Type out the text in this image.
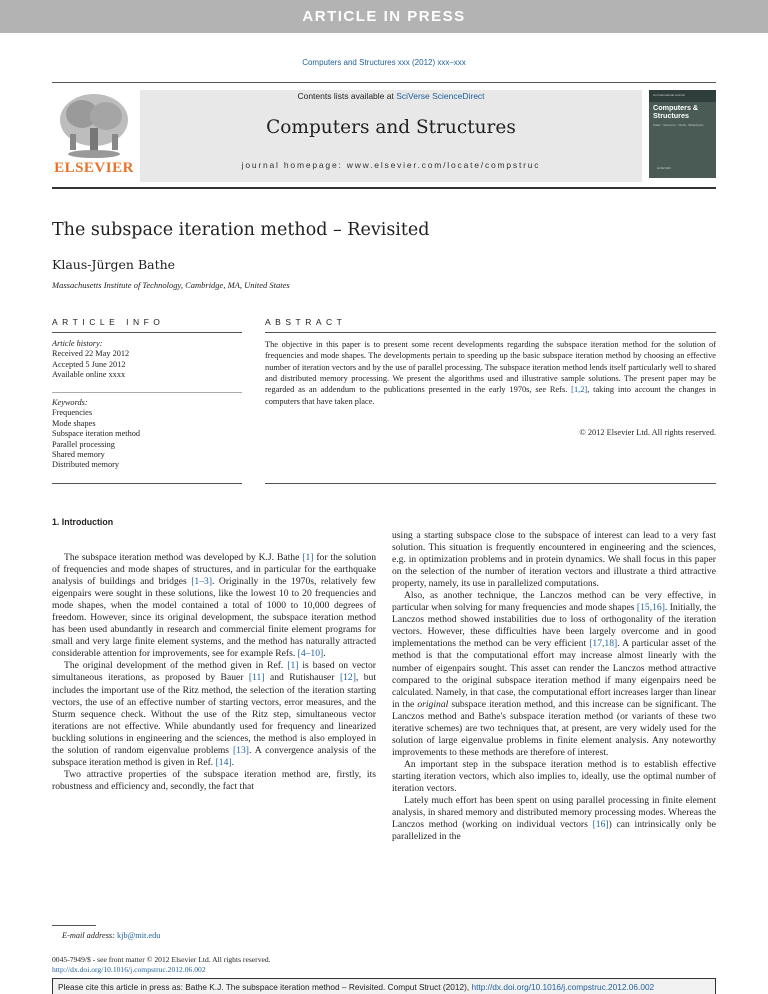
ARTICLE IN PRESS
Computers and Structures xxx (2012) xxx–xxx
ELSEVIER
Contents lists available at SciVerse ScienceDirect
Computers and Structures
journal homepage: www.elsevier.com/locate/compstruc
An International Journal
Computers & Structures
Solids · Structures · Fluids · Multiphysics
ELSEVIER
The subspace iteration method – Revisited
Klaus-Jürgen Bathe
Massachusetts Institute of Technology, Cambridge, MA, United States
ARTICLE INFO	ABSTRACT
Article history:
Received 22 May 2012
Accepted 5 June 2012
Available online xxxx
Keywords:
Frequencies
Mode shapes
Subspace iteration method
Parallel processing
Shared memory
Distributed memory
The objective in this paper is to present some recent developments regarding the subspace iteration method for the solution of frequencies and mode shapes. The developments pertain to speeding up the basic subspace iteration method by choosing an effective number of iteration vectors and by the use of parallel processing. The subspace iteration method lends itself particularly well to shared and distributed memory processing. We present the algorithms used and illustrative sample solutions. The present paper may be regarded as an addendum to the publications presented in the early 1970s, see Refs. [1,2], taking into account the changes in computers that have taken place.
© 2012 Elsevier Ltd. All rights reserved.
1. Introduction

The subspace iteration method was developed by K.J. Bathe [1] for the solution of frequencies and mode shapes of structures, and in particular for the earthquake analysis of buildings and bridges [1–3]. Originally in the 1970s, relatively few eigenpairs were sought in these solutions, like the lowest 10 to 20 frequencies and mode shapes, when the model contained a total of 1000 to 10,000 degrees of freedom. However, since its original development, the subspace iteration method has been used abundantly in research and commercial finite element programs for small and very large finite element systems, and the method has naturally attracted considerable attention for improvements, see for example Refs. [4–10].

The original development of the method given in Ref. [1] is based on vector simultaneous iterations, as proposed by Bauer [11] and Rutishauser [12], but includes the important use of the Ritz method, the selection of the iteration starting vectors, the use of an effective number of starting vectors, error measures, and the Sturm sequence check. Without the use of the Ritz step, simultaneous vector iterations are not effective. While abundantly used for frequency and linearized buckling solutions in engineering and the sciences, the method is also employed in the solution of random eigenvalue problems [13]. A convergence analysis of the subspace iteration method is given in Ref. [14].

Two attractive properties of the subspace iteration method are, firstly, its robustness and efficiency and, secondly, the fact that

using a starting subspace close to the subspace of interest can lead to a very fast solution. This situation is frequently encountered in engineering and the sciences, e.g. in optimization problems and in protein dynamics. We shall focus in this paper on the selection of the number of iteration vectors and illustrate a third attractive property, namely, its use in parallelized computations.

Also, as another technique, the Lanczos method can be very effective, in particular when solving for many frequencies and mode shapes [15,16]. Initially, the Lanczos method showed instabilities due to loss of orthogonality of the iteration vectors. However, these difficulties have been largely overcome and in good implementations the method can be very efficient [17,18]. A particular asset of the method is that the computational effort may increase almost linearly with the number of eigenpairs sought. This asset can render the Lanczos method attractive compared to the original subspace iteration method if many eigenpairs need be calculated. Namely, in that case, the computational effort increases larger than linear in the original subspace iteration method, and this increase can be significant. The Lanczos method and Bathe's subspace iteration method (or variants of these two iterative schemes) are two techniques that, at present, are very widely used for the solution of large eigenvalue problems in finite element analysis. Any noteworthy improvements to these methods are therefore of interest.

An important step in the subspace iteration method is to establish effective starting iteration vectors, which also implies to, ideally, use the optimal number of iteration vectors.

Lately much effort has been spent on using parallel processing in finite element analysis, in shared memory and distributed memory processing modes. Whereas the Lanczos method (working on individual vectors [16]) can intrinsically only be parallelized in the

E-mail address: kjb@mit.edu
0045-7949/$ - see front matter © 2012 Elsevier Ltd. All rights reserved.
http://dx.doi.org/10.1016/j.compstruc.2012.06.002
Please cite this article in press as: Bathe K.J. The subspace iteration method – Revisited. Comput Struct (2012), http://dx.doi.org/10.1016/j.compstruc.2012.06.002
